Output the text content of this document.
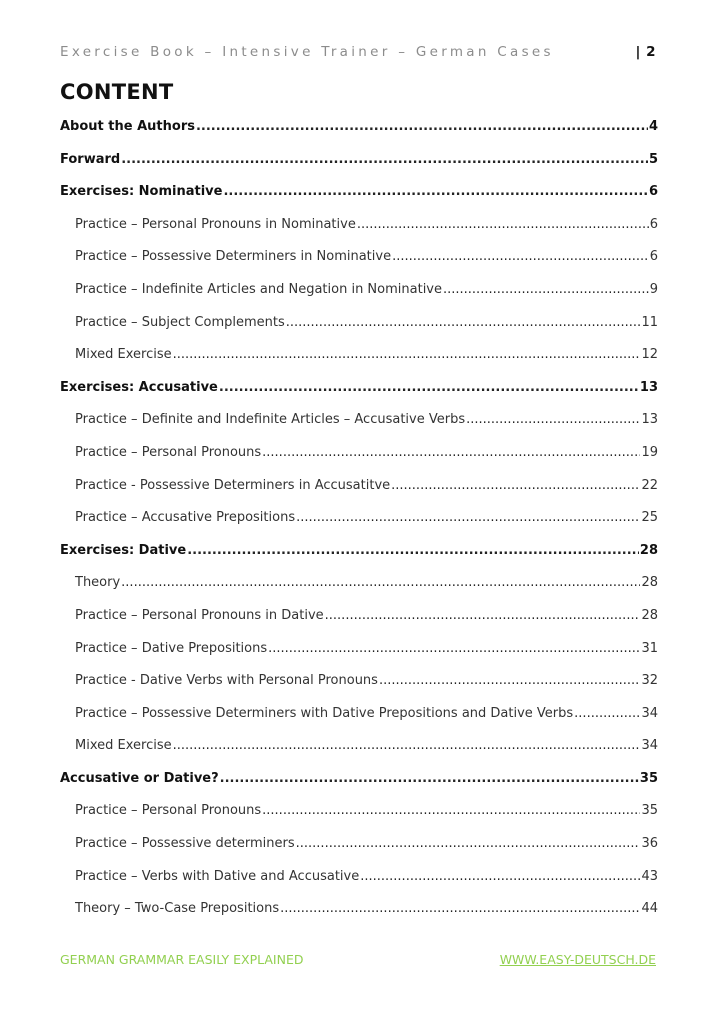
Exercise Book – Intensive Trainer – German Cases	| 2
CONTENT
About the Authors .....	4
Forward .....	5
Exercises: Nominative .....	6
Practice – Personal Pronouns in Nominative .....	6
Practice – Possessive Determiners in Nominative .....	6
Practice – Indefinite Articles and Negation in Nominative .....	9
Practice – Subject Complements .....	11
Mixed Exercise .....	12
Exercises: Accusative .....	13
Practice – Definite and Indefinite Articles – Accusative Verbs .....	13
Practice – Personal Pronouns .....	19
Practice - Possessive Determiners in Accusatitve .....	22
Practice – Accusative Prepositions .....	25
Exercises: Dative .....	28
Theory .....	28
Practice – Personal Pronouns in Dative .....	28
Practice – Dative Prepositions .....	31
Practice - Dative Verbs with Personal Pronouns .....	32
Practice – Possessive Determiners with Dative Prepositions and Dative Verbs .....	34
Mixed Exercise .....	34
Accusative or Dative? .....	35
Practice – Personal Pronouns .....	35
Practice – Possessive determiners .....	36
Practice – Verbs with Dative and Accusative .....	43
Theory – Two-Case Prepositions .....	44
GERMAN GRAMMAR EASILY EXPLAINED	WWW.EASY-DEUTSCH.DE
